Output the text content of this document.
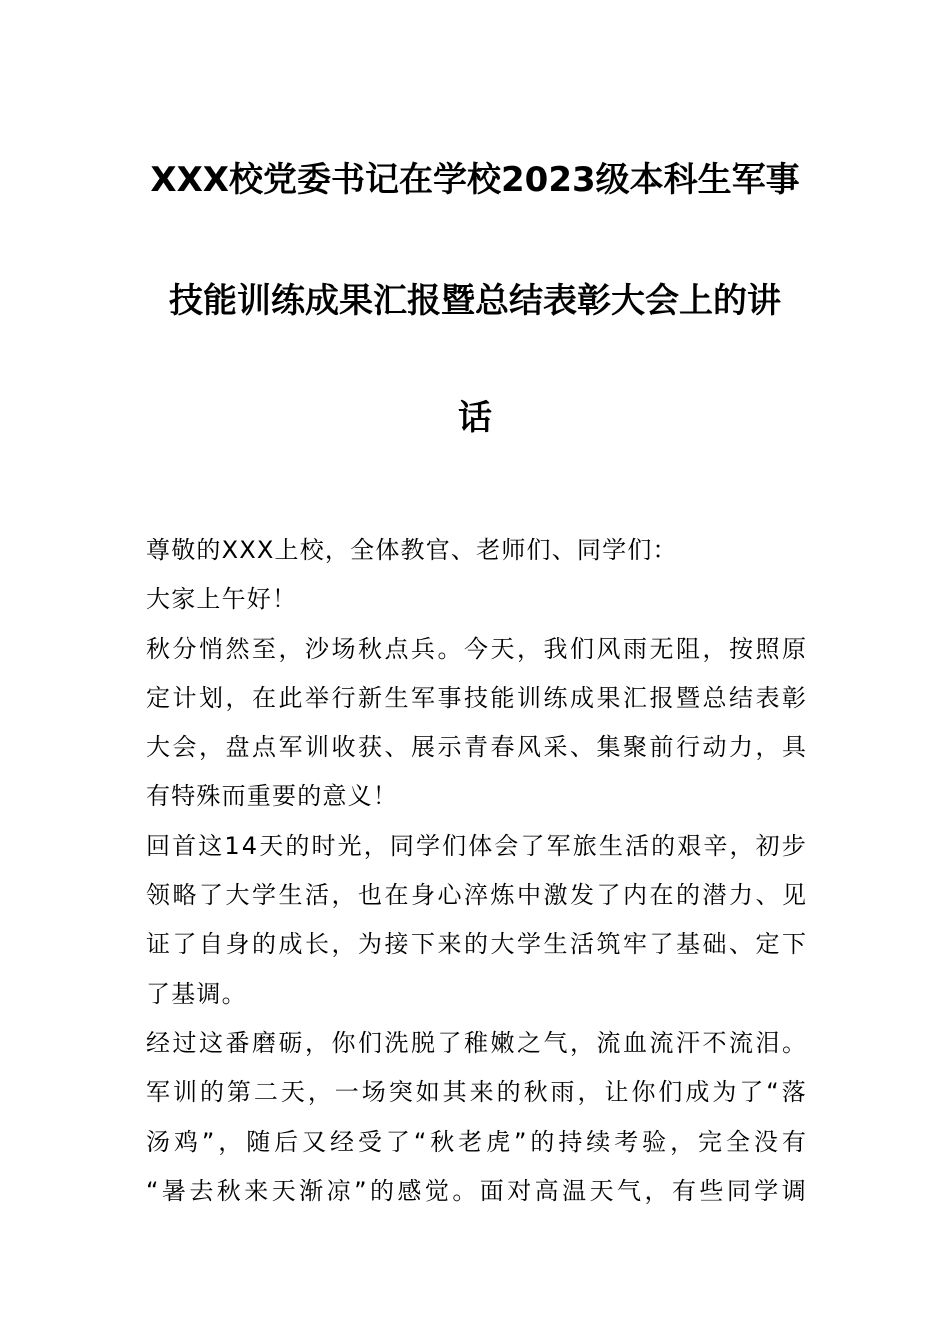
XXX校党委书记在学校2023级本科生军事
技能训练成果汇报暨总结表彰大会上的讲
话
尊敬的XXX上校，全体教官、老师们、同学们：
大家上午好！
秋 分 悄 然 至 ， 沙 场 秋 点 兵 。 今 天 ， 我 们 风 雨 无 阻 ， 按 照 原
定 计 划 ， 在 此 举 行 新 生 军 事 技 能 训 练 成 果 汇 报 暨 总 结 表 彰
大 会 ， 盘 点 军 训 收 获 、 展 示 青 春 风 采 、 集 聚 前 行 动 力 ， 具
有特殊而重要的意义！
回 首 这 1 4 天 的 时 光 ， 同 学 们 体 会 了 军 旅 生 活 的 艰 辛 ， 初 步
领 略 了 大 学 生 活 ， 也 在 身 心 淬 炼 中 激 发 了 内 在 的 潜 力 、 见
证 了 自 身 的 成 长 ， 为 接 下 来 的 大 学 生 活 筑 牢 了 基 础 、 定 下
了基调。
经 过 这 番 磨 砺 ， 你 们 洗 脱 了 稚 嫩 之 气 ， 流 血 流 汗 不 流 泪 。
军 训 的 第 二 天 ， 一 场 突 如 其 来 的 秋 雨 ， 让 你 们 成 为 了 “ 落
汤 鸡 ” ， 随 后 又 经 受 了 “ 秋 老 虎 ” 的 持 续 考 验 ， 完 全 没 有
“ 暑 去 秋 来 天 渐 凉 ” 的 感 觉 。 面 对 高 温 天 气 ， 有 些 同 学 调
